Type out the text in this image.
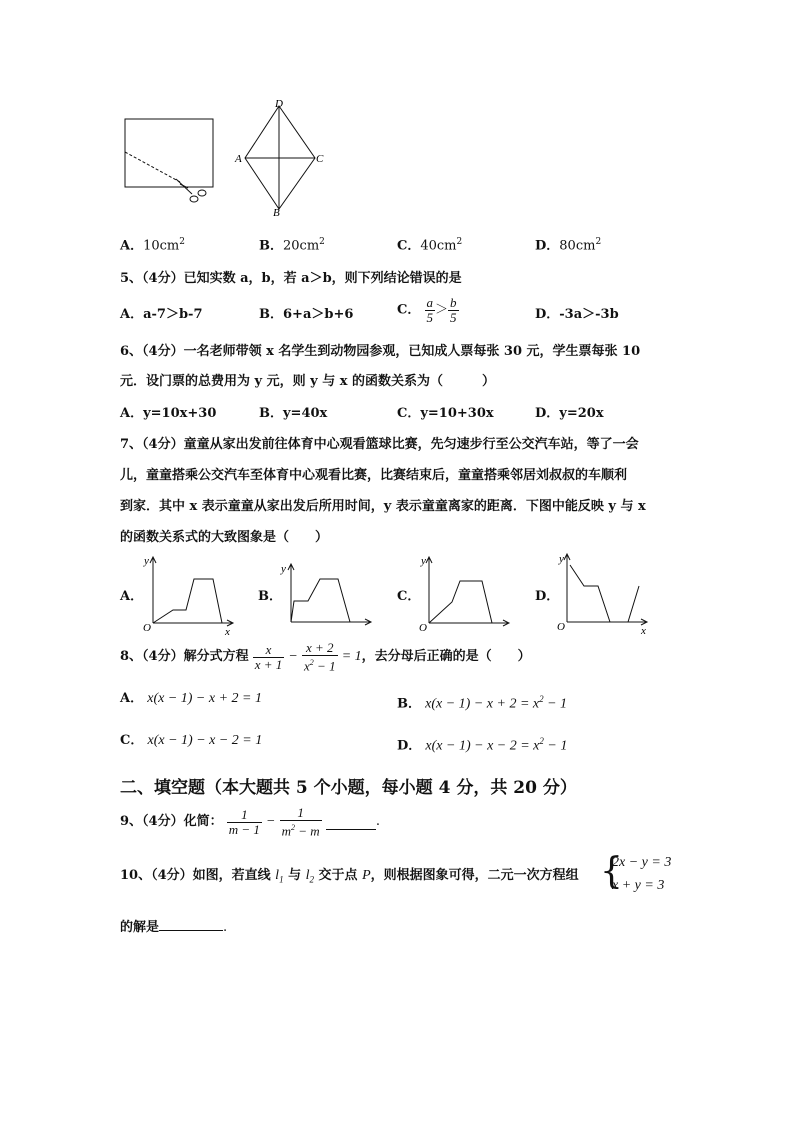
D
A	C
B
A．$10cm^2$	B．$20cm^2$	C．$40cm^2$	D．$80cm^2$
5、（4分）已知实数 a，b，若 a＞b，则下列结论错误的是
A．a-7＞b-7	B．6+a＞b+6	C． $\frac{a}{5} > \frac{b}{5}$	D．-3a＞-3b
6、（4分）一名老师带领 x 名学生到动物园参观，已知成人票每张 30 元，学生票每张 10
元．设门票的总费用为 y 元，则 y 与 x 的函数关系为（　　　）
A．y=10x+30	B．y=40x	C．y=10+30x	D．y=20x
7、（4分）童童从家出发前往体育中心观看篮球比赛，先匀速步行至公交汽车站，等了一会
儿，童童搭乘公交汽车至体育中心观看比赛，比赛结束后，童童搭乘邻居刘叔叔的车顺利
到家．其中 x 表示童童从家出发后所用时间，y 表示童童离家的距离．下图中能反映 y 与 x
的函数关系式的大致图象是（　　）
A．	B．	C．	D．
y
x
O
y
y
O
y
x
O
8、（4分）解分式方程 $\frac{x}{x + 1} - \frac{x + 2}{x^2 - 1} = 1$，去分母后正确的是（　　）
A． x(x − 1) − x + 2 = 1	B． $x(x - 1) - x + 2 = x^2 - 1$
C． x(x − 1) − x − 2 = 1	D． $x(x - 1) - x - 2 = x^2 - 1$
二、填空题（本大题共 5 个小题，每小题 4 分，共 20 分）
9、（4分）化简： $\frac{1}{m - 1} - \frac{1}{m^2 - m}$	.
10、（4分）如图，若直线 $l_1$ 与 $l_2$ 交于点 P，则根据图象可得，二元一次方程组 {
2x − y = 3
x + y = 3
的解是	.
